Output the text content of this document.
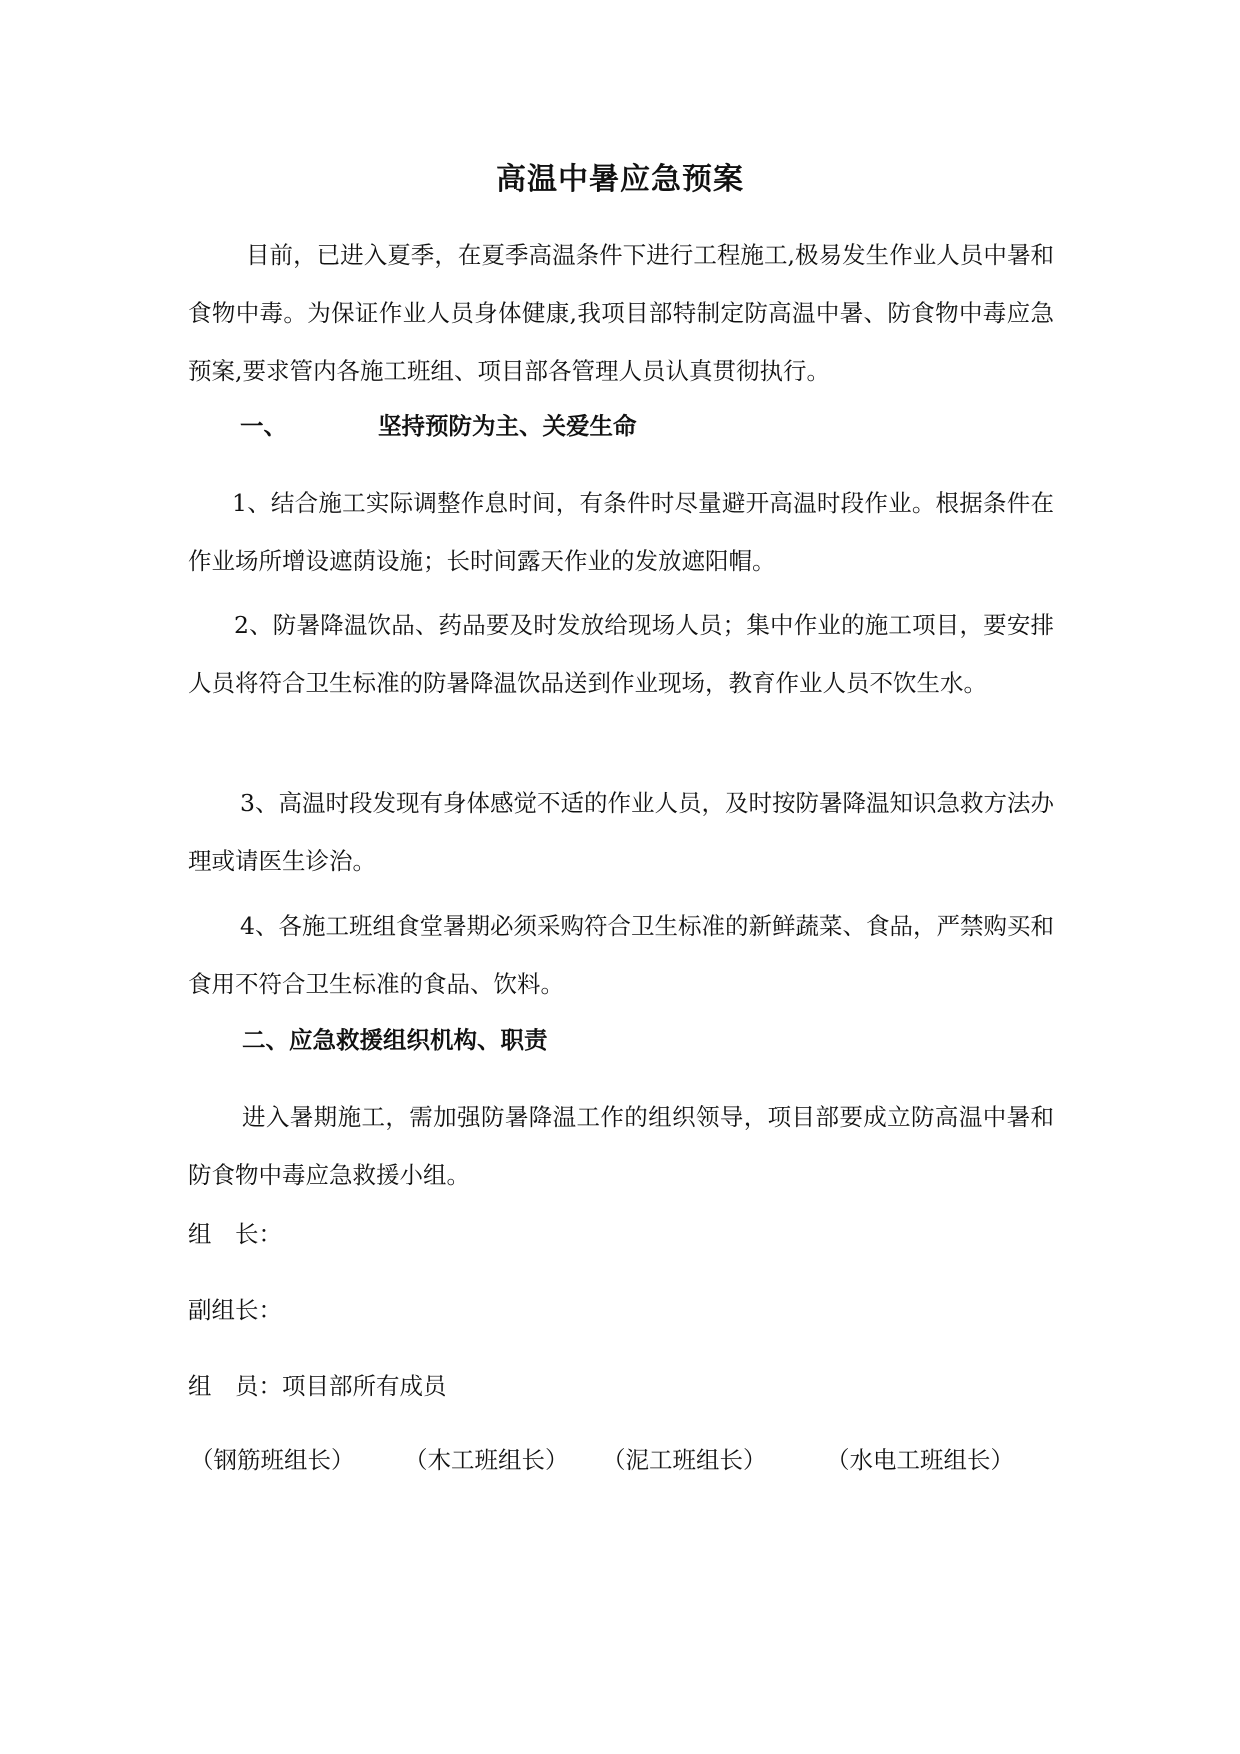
高温中暑应急预案

目前，已进入夏季，在夏季高温条件下进行工程施工,极易发生作业人员中暑和食物中毒。为保证作业人员身体健康,我项目部特制定防高温中暑、防食物中毒应急预案,要求管内各施工班组、项目部各管理人员认真贯彻执行。

一、	坚持预防为主、关爱生命

1、结合施工实际调整作息时间，有条件时尽量避开高温时段作业。根据条件在作业场所增设遮荫设施；长时间露天作业的发放遮阳帽。

2、防暑降温饮品、药品要及时发放给现场人员；集中作业的施工项目，要安排人员将符合卫生标准的防暑降温饮品送到作业现场，教育作业人员不饮生水。

3、高温时段发现有身体感觉不适的作业人员，及时按防暑降温知识急救方法办理或请医生诊治。

4、各施工班组食堂暑期必须采购符合卫生标准的新鲜蔬菜、食品，严禁购买和食用不符合卫生标准的食品、饮料。

二、应急救援组织机构、职责

进入暑期施工，需加强防暑降温工作的组织领导，项目部要成立防高温中暑和防食物中毒应急救援小组。

组　长：
副组长：
组　员：项目部所有成员
（钢筋班组长） （木工班组长） （泥工班组长）	（水电工班组长）
